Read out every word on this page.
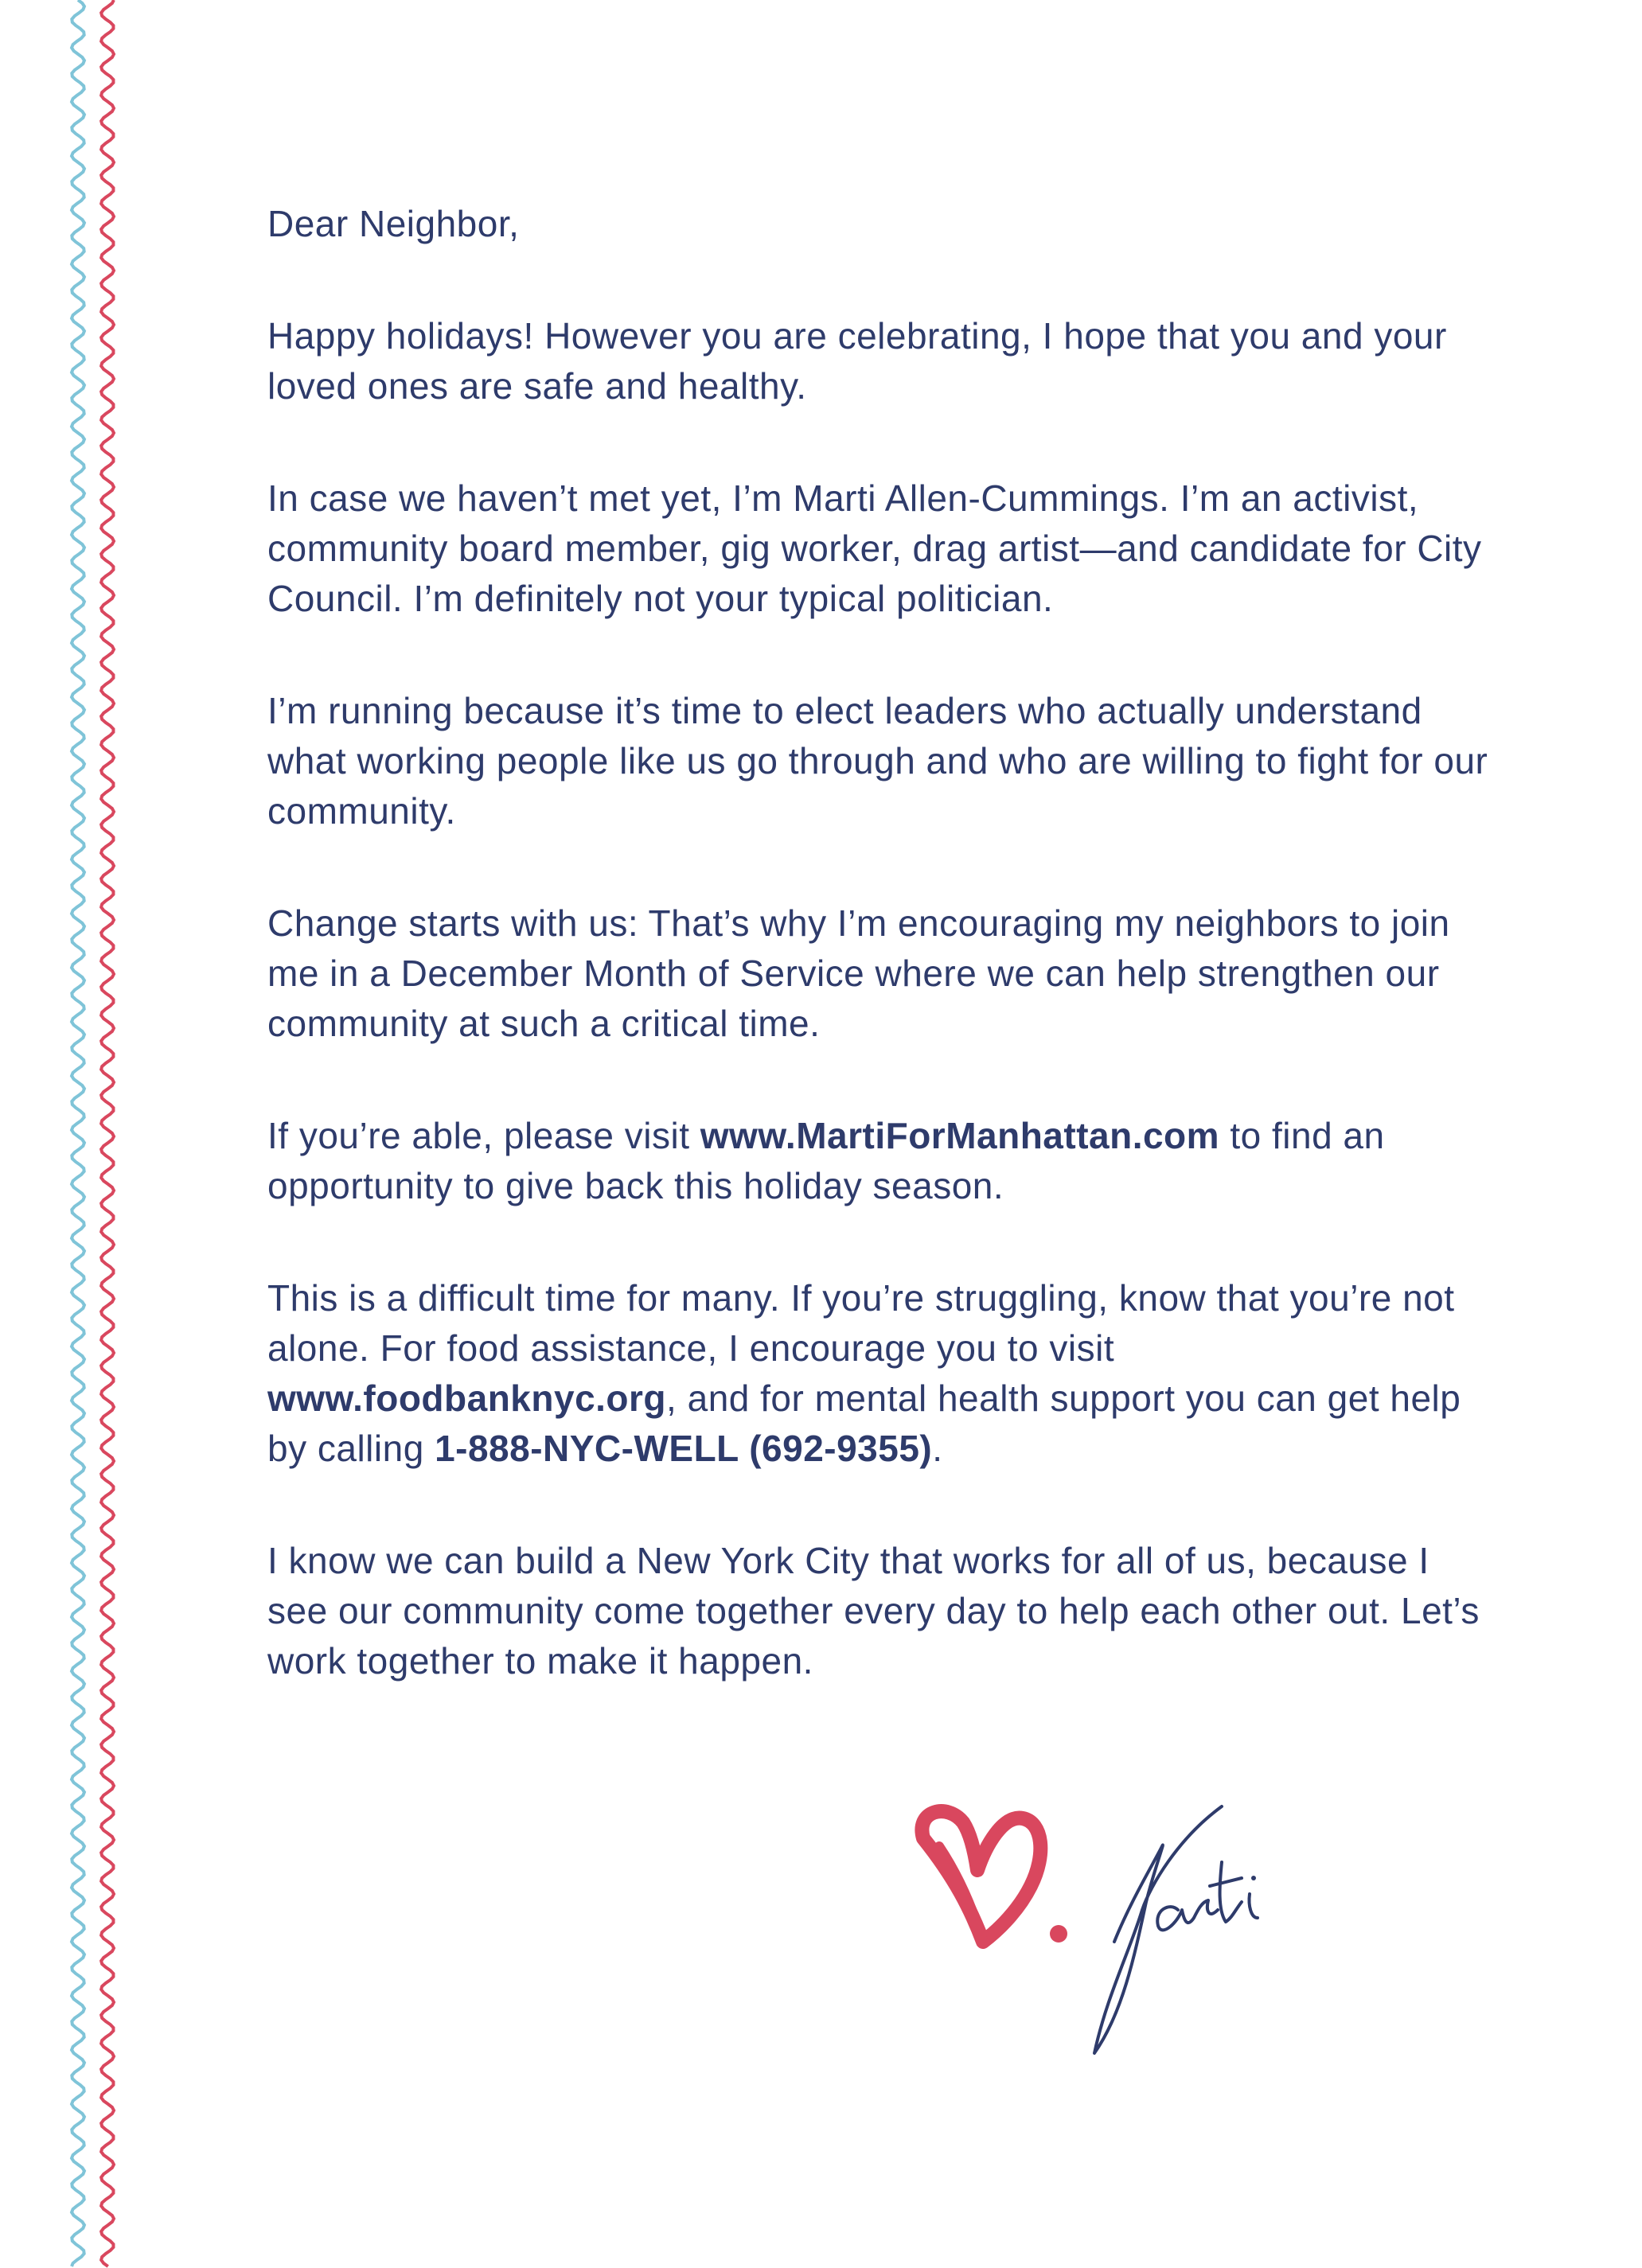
Dear Neighbor,

Happy holidays! However you are celebrating, I hope that you and your loved ones are safe and healthy.

In case we haven’t met yet, I’m Marti Allen-Cummings. I’m an activist, community board member, gig worker, drag artist—and candidate for City Council. I’m definitely not your typical politician.

I’m running because it’s time to elect leaders who actually understand what working people like us go through and who are willing to fight for our community.

Change starts with us: That’s why I’m encouraging my neighbors to join me in a December Month of Service where we can help strengthen our community at such a critical time.

If you’re able, please visit www.MartiForManhattan.com to find an opportunity to give back this holiday season.

This is a difficult time for many. If you’re struggling, know that you’re not alone. For food assistance, I encourage you to visit www.foodbanknyc.org, and for mental health support you can get help by calling 1-888-NYC-WELL (692-9355).

I know we can build a New York City that works for all of us, because I see our community come together every day to help each other out. Let’s work together to make it happen.
